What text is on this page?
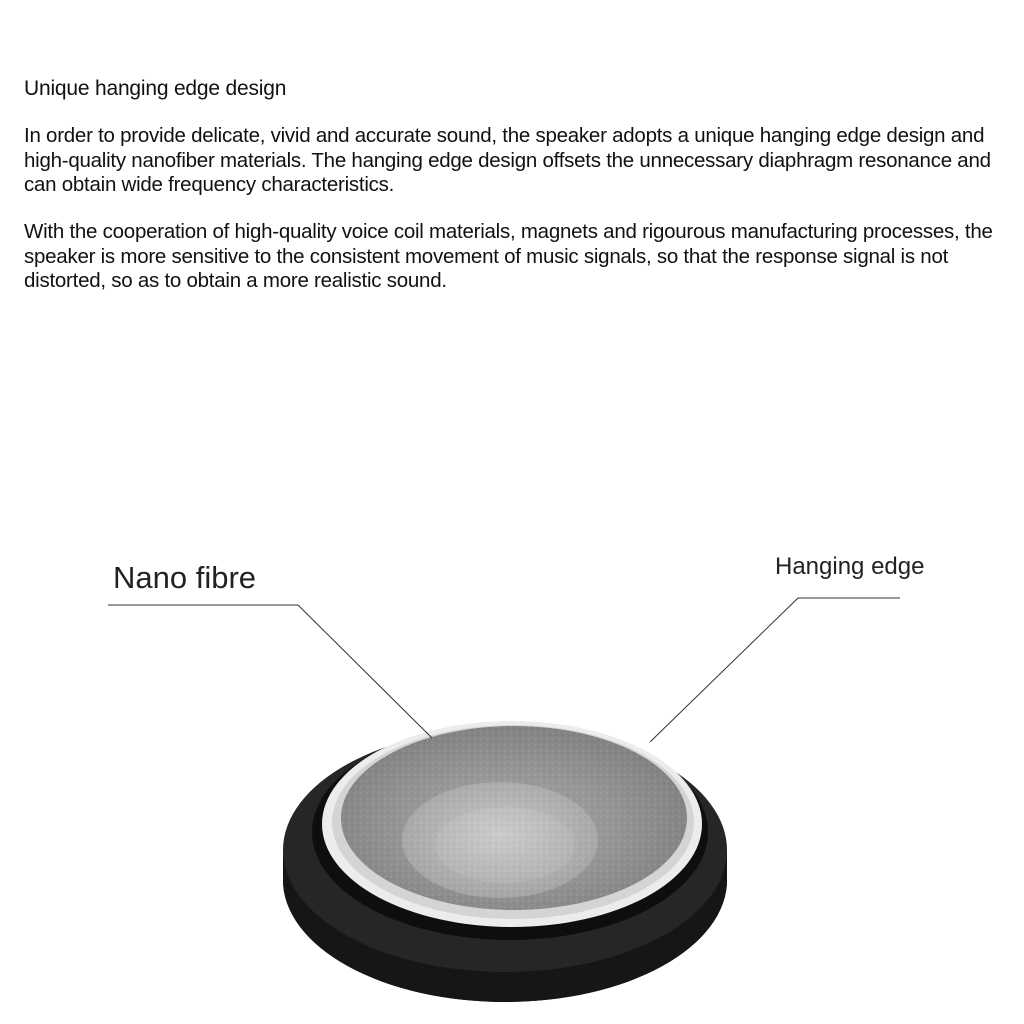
Unique hanging edge design

In order to provide delicate, vivid and accurate sound, the speaker adopts a unique hanging edge design and high-quality nanofiber materials. The hanging edge design offsets the unnecessary diaphragm resonance and can obtain wide frequency characteristics.

With the cooperation of high-quality voice coil materials, magnets and rigourous manufacturing processes, the speaker is more sensitive to the consistent movement of music signals, so that the response signal is not distorted, so as to obtain a more realistic sound.

Nano fibre	Hanging edge
